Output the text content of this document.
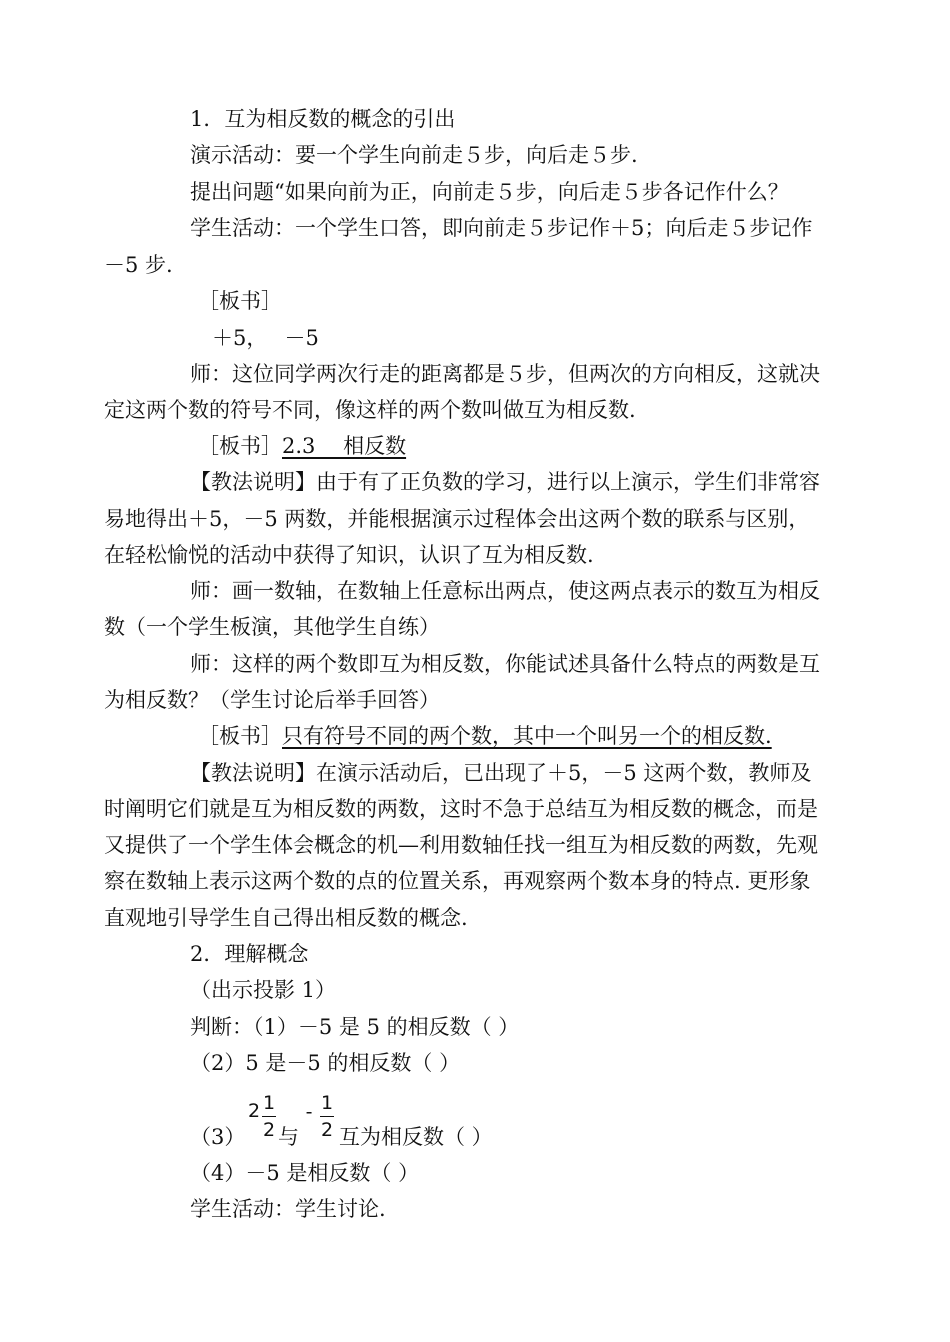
1．互为相反数的概念的引出
演示活动：要一个学生向前走５步，向后走５步.
提出问题“如果向前为正，向前走５步，向后走５步各记作什么？
学生活动：一个学生口答，即向前走５步记作＋5；向后走５步记作
－5 步.
［板书］
＋5，　 －5
师：这位同学两次行走的距离都是５步，但两次的方向相反，这就决
定这两个数的符号不同，像这样的两个数叫做互为相反数.
［板书］2.3　 相反数
【教法说明】由于有了正负数的学习，进行以上演示，学生们非常容
易地得出＋5，－5 两数，并能根据演示过程体会出这两个数的联系与区别，
在轻松愉悦的活动中获得了知识，认识了互为相反数.
师：画一数轴，在数轴上任意标出两点，使这两点表示的数互为相反
数（一个学生板演，其他学生自练）
师：这样的两个数即互为相反数，你能试述具备什么特点的两数是互
为相反数？（学生讨论后举手回答）
［板书］只有符号不同的两个数，其中一个叫另一个的相反数.
【教法说明】在演示活动后，已出现了＋5，－5 这两个数，教师及
时阐明它们就是互为相反数的两数，这时不急于总结互为相反数的概念，而是
又提供了一个学生体会概念的机—利用数轴任找一组互为相反数的两数，先观
察在数轴上表示这两个数的点的位置关系，再观察两个数本身的特点. 更形象
直观地引导学生自己得出相反数的概念.
2．理解概念
（出示投影 1）
判断：（1）－5 是 5 的相反数（ ）
（2）5 是－5 的相反数（ ）
（3）
2 1
2 与
- 1
2 互为相反数（ ）
（4）－5 是相反数（ ）
学生活动：学生讨论.
